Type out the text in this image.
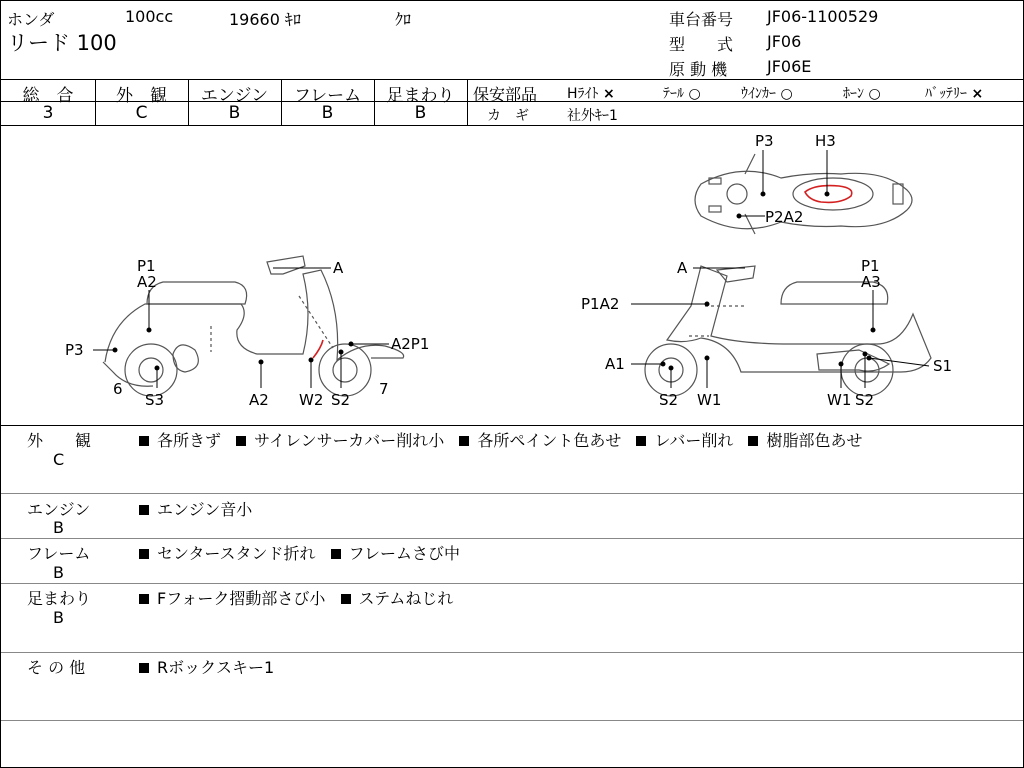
ホンダ	100cc	19660 ｷﾛ	ｸﾛ
リード 100
車台番号 JF06-1100529
型　　式 JF06
原 動 機 JF06E
総　合	外　観	エンジン	フレーム	足まわり
3	C	B	B	B
保安部品 Hﾗｲﾄ ×	ﾃｰﾙ ○	ｳｲﾝｶｰ ○	ﾎｰﾝ ○	ﾊﾞｯﾃﾘｰ ×
カ　ギ	社外ｷｰ1
P3	H3
P2A2
P1
A2
A
P3	A2P1
6
S3	A2 W2 S2
7
A	P1
A3
P1A2
A1	S1
S2 W1	W1 S2
外　　観
C
各所きず サイレンサーカバー削れ小 各所ペイント色あせ レバー削れ 樹脂部色あせ
エンジン
B
エンジン音小
フレーム
B
センタースタンド折れ フレームさび中
足まわり
B
Fフォーク摺動部さび小 ステムねじれ
そ の 他	Rボックスキー1
